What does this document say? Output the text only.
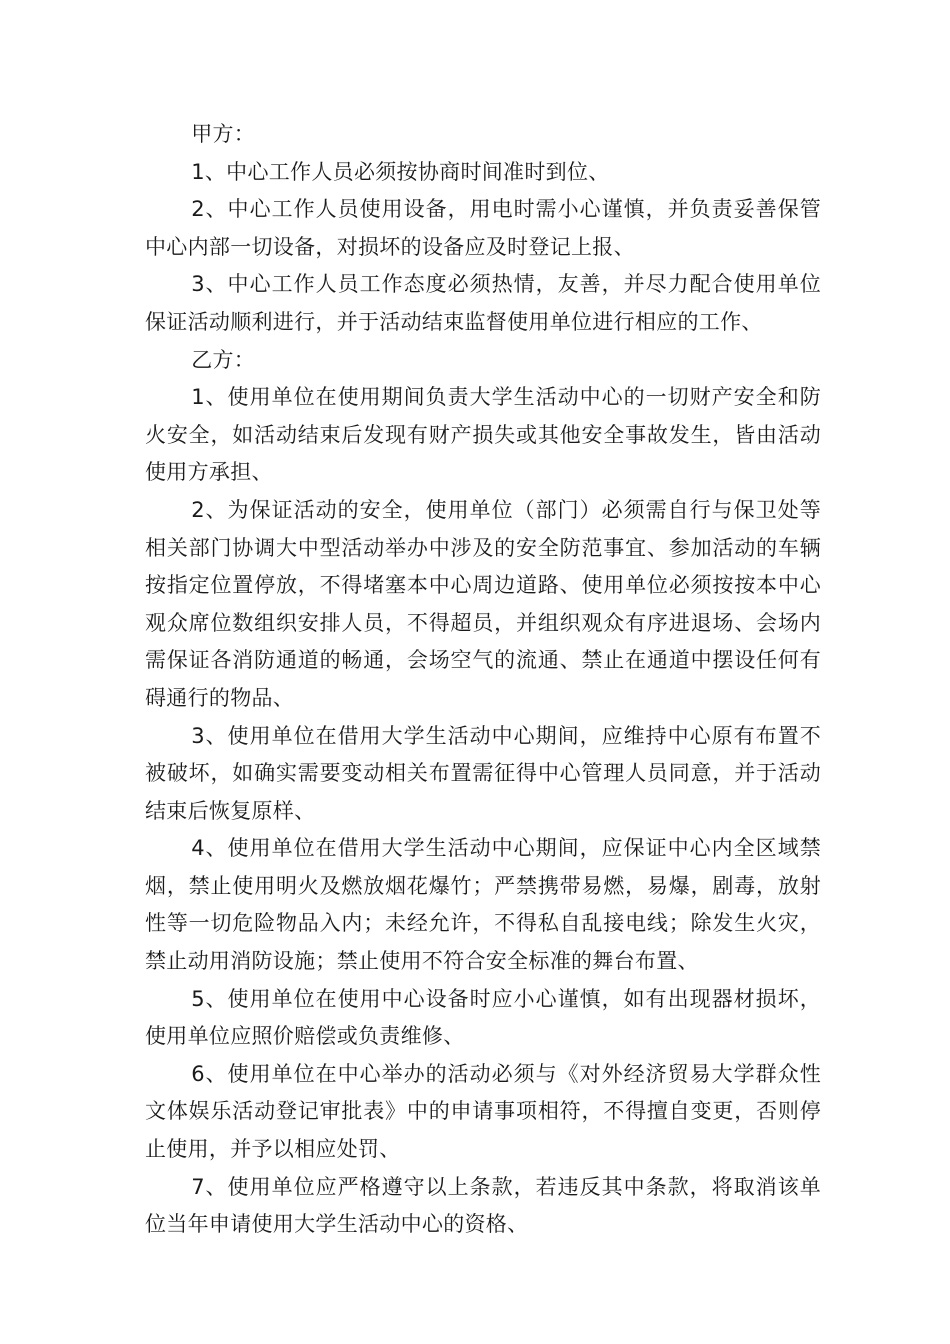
甲方：

1、中心工作人员必须按协商时间准时到位、

2、中心工作人员使用设备，用电时需小心谨慎，并负责妥善保管中心内部一切设备，对损坏的设备应及时登记上报、

3、中心工作人员工作态度必须热情，友善，并尽力配合使用单位保证活动顺利进行，并于活动结束监督使用单位进行相应的工作、

乙方：

1、使用单位在使用期间负责大学生活动中心的一切财产安全和防火安全，如活动结束后发现有财产损失或其他安全事故发生，皆由活动使用方承担、

2、为保证活动的安全，使用单位（部门）必须需自行与保卫处等相关部门协调大中型活动举办中涉及的安全防范事宜、参加活动的车辆按指定位置停放，不得堵塞本中心周边道路、使用单位必须按按本中心观众席位数组织安排人员，不得超员，并组织观众有序进退场、会场内需保证各消防通道的畅通，会场空气的流通、禁止在通道中摆设任何有碍通行的物品、

3、使用单位在借用大学生活动中心期间，应维持中心原有布置不被破坏，如确实需要变动相关布置需征得中心管理人员同意，并于活动结束后恢复原样、

4、使用单位在借用大学生活动中心期间，应保证中心内全区域禁烟，禁止使用明火及燃放烟花爆竹；严禁携带易燃，易爆，剧毒，放射性等一切危险物品入内；未经允许，不得私自乱接电线；除发生火灾，禁止动用消防设施；禁止使用不符合安全标准的舞台布置、

5、使用单位在使用中心设备时应小心谨慎，如有出现器材损坏，使用单位应照价赔偿或负责维修、

6、使用单位在中心举办的活动必须与《对外经济贸易大学群众性文体娱乐活动登记审批表》中的申请事项相符，不得擅自变更，否则停止使用，并予以相应处罚、

7、使用单位应严格遵守以上条款，若违反其中条款，将取消该单位当年申请使用大学生活动中心的资格、
